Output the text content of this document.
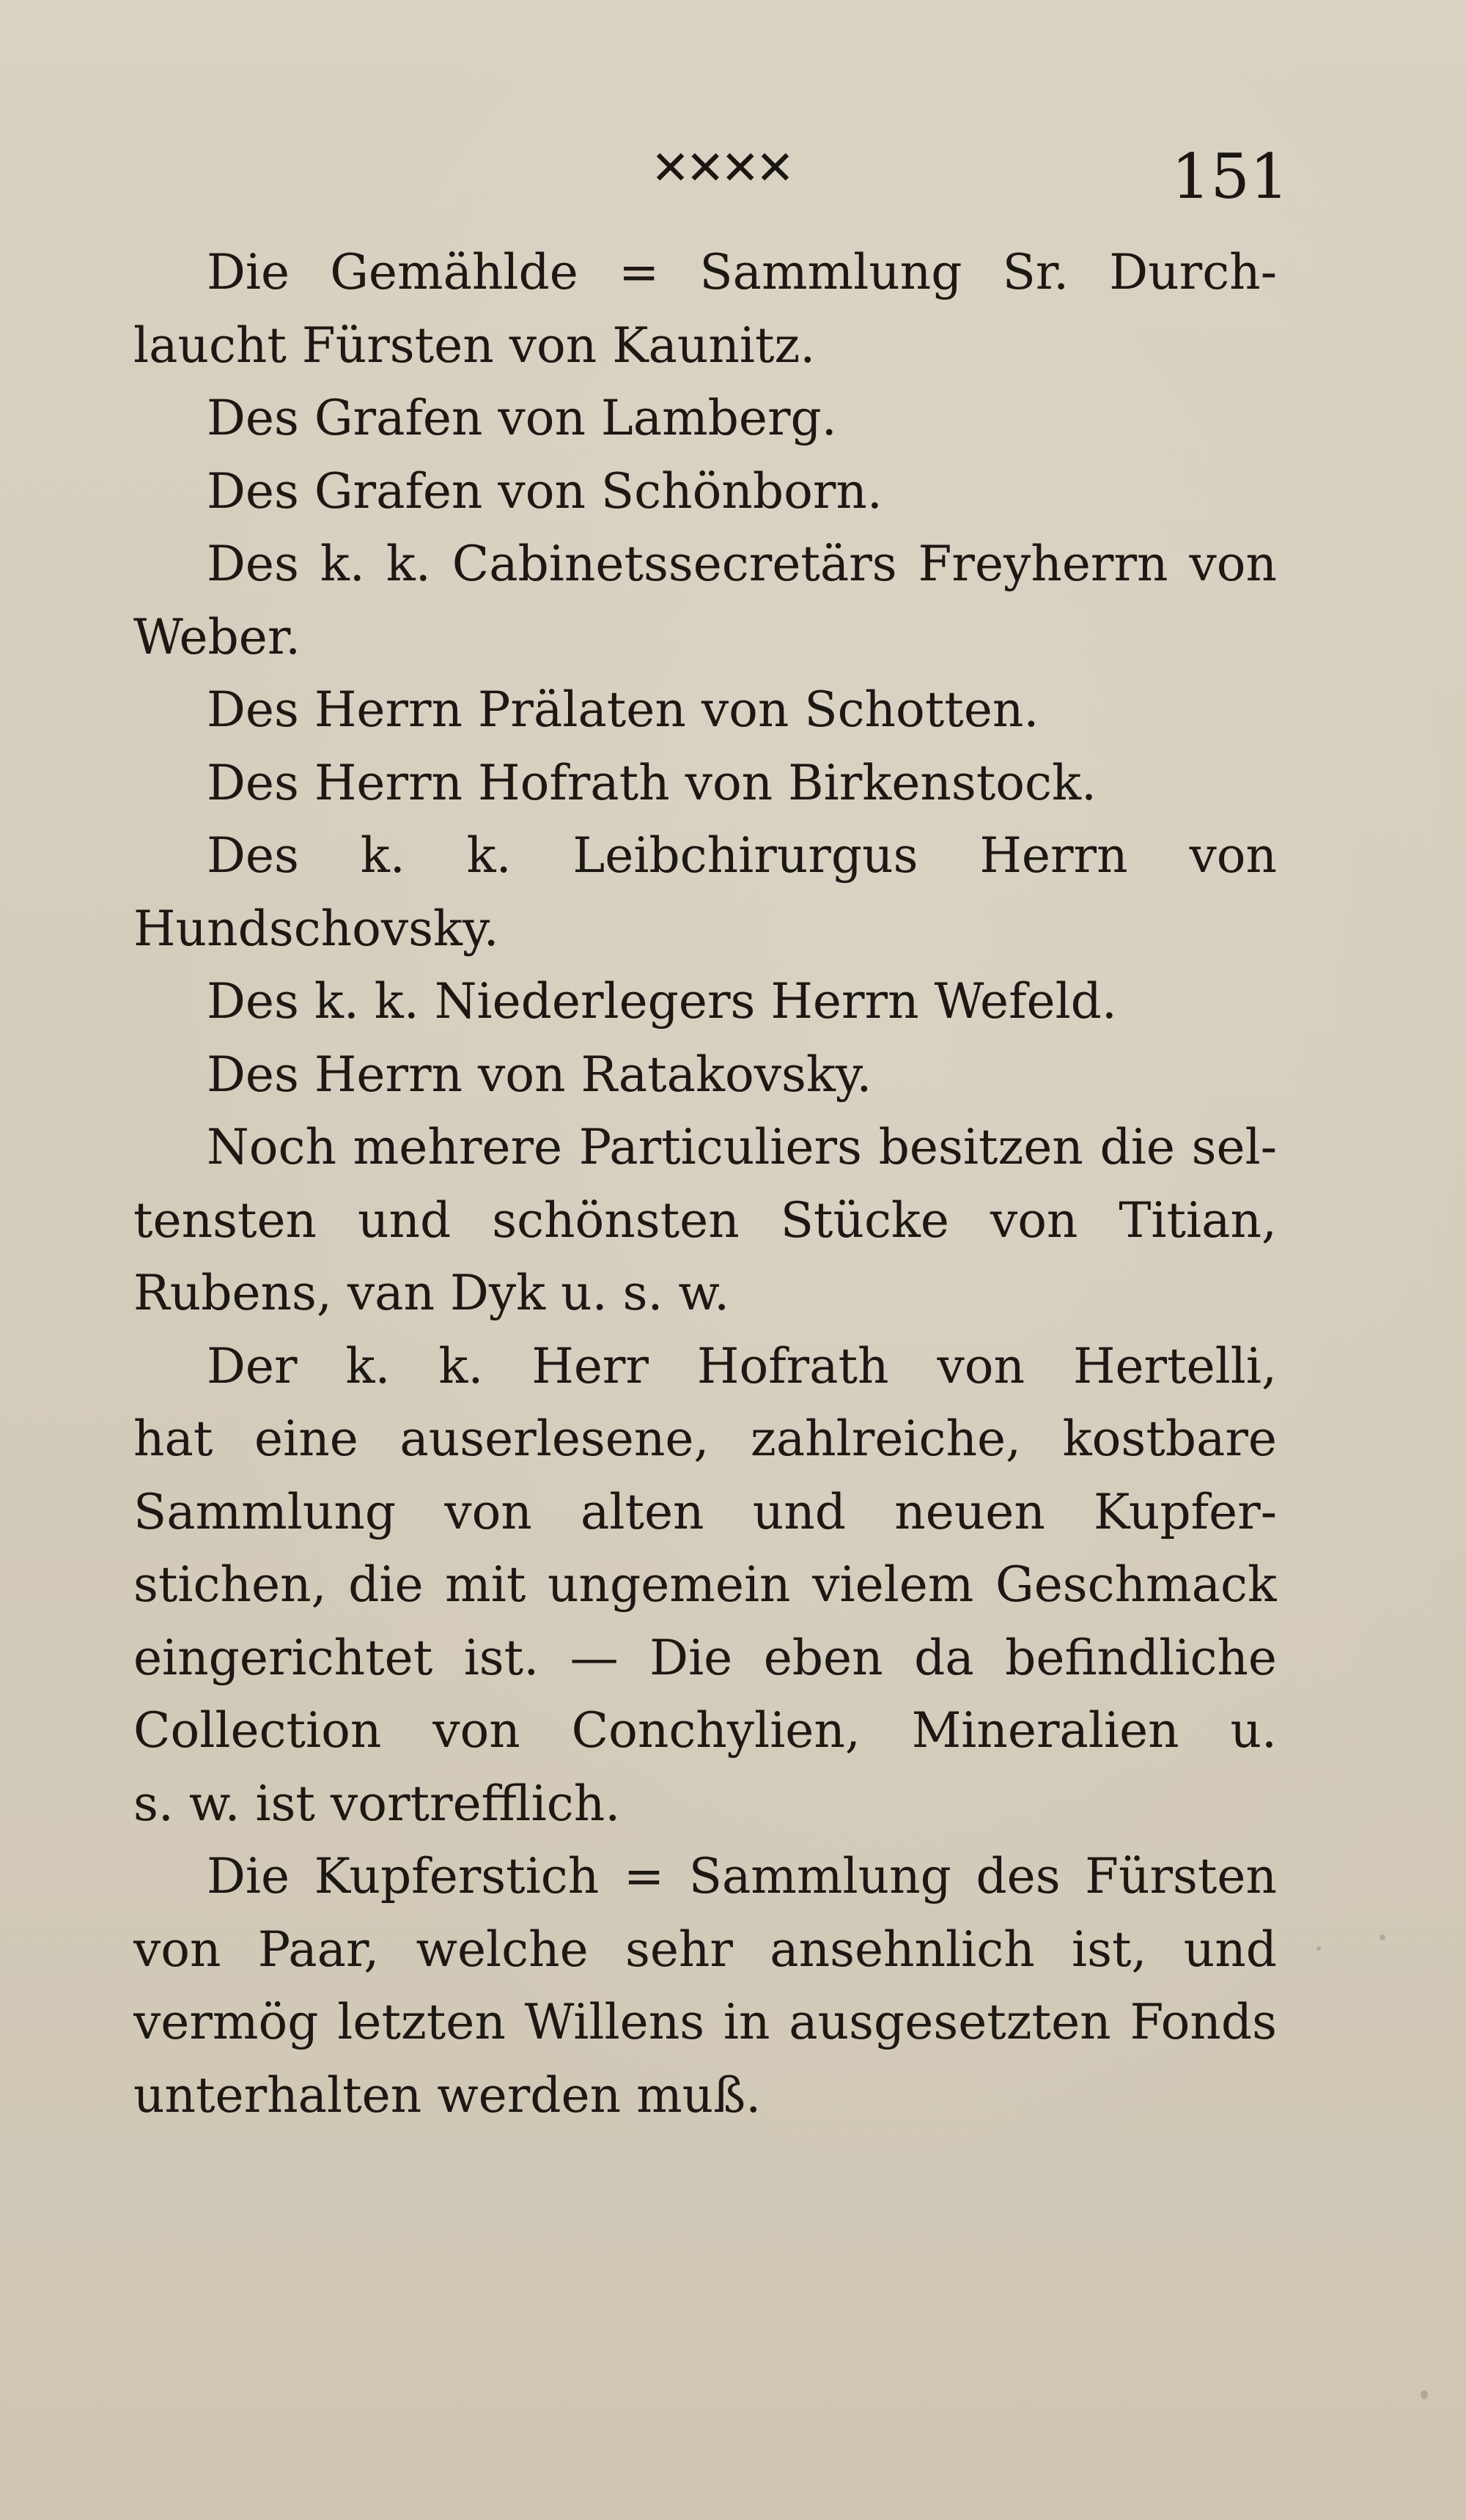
✕✕✕✕	151
Die Gemählde = Sammlung Sr. Durch-
laucht Fürsten von Kaunitz.
Des Grafen von Lamberg.
Des Grafen von Schönborn.
Des k. k. Cabinetssecretärs Freyherrn von
Weber.
Des Herrn Prälaten von Schotten.
Des Herrn Hofrath von Birkenstock.
Des k. k. Leibchirurgus Herrn von
Hundschovsky.
Des k. k. Niederlegers Herrn Wefeld.
Des Herrn von Ratakovsky.
Noch mehrere Particuliers besitzen die sel-
tensten und schönsten Stücke von Titian,
Rubens, van Dyk u. s. w.
Der k. k. Herr Hofrath von Hertelli,
hat eine auserlesene, zahlreiche, kostbare
Sammlung von alten und neuen Kupfer-
stichen, die mit ungemein vielem Geschmack
eingerichtet ist. — Die eben da befindliche
Collection von Conchylien, Mineralien u.
s. w. ist vortrefflich.
Die Kupferstich = Sammlung des Fürsten
von Paar, welche sehr ansehnlich ist, und
vermög letzten Willens in ausgesetzten Fonds
unterhalten werden muß.
